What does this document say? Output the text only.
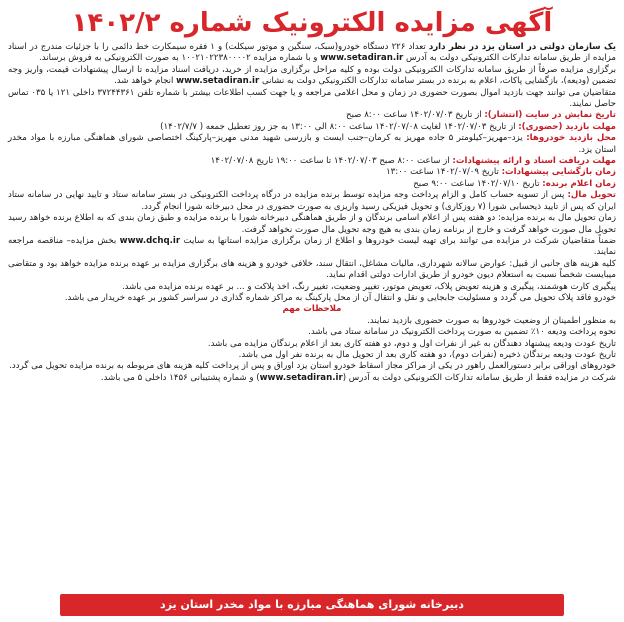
آگهی مزایده الکترونیک شماره ۱۴۰۲/۲

یک سازمان دولتی در استان یزد در نظر دارد تعداد ۲۲۶ دستگاه خودرو(سبک، سنگین و موتور سیکلت) و ۱ فقره سیمکارت خط دائمی را با جزئیات مندرج در اسناد مزایده از طریق سامانه تدارکات الکترونیکی دولت به آدرس www.setadiran.ir و با شماره مزایده ۱۰۰۲۱۰۲۲۳۸۰۰۰۰۲ به صورت الکترونیکی به فروش برساند.

برگزاری مزایده صرفاً از طریق سامانه تدارکات الکترونیکی دولت بوده و کلیه مراحل برگزاری مزایده از خرید، دریافت اسناد مزایده تا ارسال پیشنهادات قیمت، واریز وجه تضمین (ودیعه)، بازگشایی پاکات، اعلام به برنده در بستر سامانه تدارکات الکترونیکی دولت به نشانی www.setadiran.ir انجام خواهد شد.

متقاضیان می توانند جهت بازدید اموال بصورت حضوری در زمان و محل اعلامی مراجعه و یا جهت کسب اطلاعات بیشتر با شماره تلفن ۳۷۲۴۴۳۶۱ داخلی ۱۲۱ یا ۰۳۵ تماس حاصل نمایند.

تاریخ نمایش در سایت (انتشار): از تاریخ ۱۴۰۲/۰۷/۰۳ ساعت ۸:۰۰ صبح

مهلت بازدید (حضوری): از تاریخ ۱۴۰۲/۰۷/۰۳ لغایت ۱۴۰۲/۰۷/۰۸ ساعت ۸:۰۰ الی ۱۳:۰۰ به جز روز تعطیل جمعه ( ۱۴۰۲/۷/۷)

محل بازدید خودروها: یزد–مهریز–کیلومتر ۵ جاده مهریز به کرمان–جنب ایست و بازرسی شهید مدنی مهریز–پارکینگ اختصاصی شورای هماهنگی مبارزه با مواد مخدر استان یزد.

مهلت دریافت اسناد و ارائه پیشنهادات: از ساعت ۸:۰۰ صبح ۱۴۰۲/۰۷/۰۳ تا ساعت ۱۹:۰۰ تاریخ ۱۴۰۲/۰۷/۰۸

زمان بازگشایی پیشنهادات: تاریخ ۱۴۰۲/۰۷/۰۹ ساعت ۱۳:۰۰

زمان اعلام برنده: تاریخ ۱۴۰۲/۰۷/۱۰ ساعت ۹:۰۰ صبح

تحویل مال: پس از تسویه حساب کامل و الزام پرداخت وجه مزایده توسط برنده مزایده در درگاه پرداخت الکترونیکی در بستر سامانه ستاد و تایید نهایی در سامانه ستاد ایران که پس از تایید ذیحسابی شورا (۷ روزکاری) و تحویل فیزیکی رسید واریزی به صورت حضوری در محل دبیرخانه شورا انجام گردد.

زمان تحویل مال به برنده مزایده: دو هفته پس از اعلام اسامی برندگان و از طریق هماهنگی دبیرخانه شورا با برنده مزایده و طبق زمان بندی که به اطلاع برنده خواهد رسید تحویل مال صورت خواهد گرفت و خارج از برنامه زمان بندی به هیچ وجه تحویل مال صورت نخواهد گرفت.

ضمناً متقاضیان شرکت در مزایده می توانند برای تهیه لیست خودروها و اطلاع از زمان برگزاری مزایده استانها به سایت www.dchq.ir بخش مزایده– مناقصه مراجعه نمایند.

کلیه هزینه های جانبی از قبیل: عوارض سالانه شهرداری، مالیات مشاغل، انتقال سند، خلافی خودرو و هزینه های برگزاری مزایده بر عهده برنده مزایده خواهد بود و متقاضی میبایست شخصاً نسبت به استعلام دیون خودرو از طریق ادارات دولتی اقدام نماید.

پیگیری کارت هوشمند، پیگیری و هزینه تعویض پلاک، تعویض موتور، تغییر وضعیت، تغییر رنگ، اخذ پلاکت و ... بر عهده برنده مزایده می باشد.

خودرو فاقد پلاک تحویل می گردد و مسئولیت جابجایی و نقل و انتقال آن از محل پارکینگ به مراکز شماره گذاری در سراسر کشور بر عهده خریدار می باشد.

ملاحظات مهم

به منظور اطمینان از وضعیت خودروها به صورت حضوری بازدید نمایند.

نحوه پرداخت ودیعه ۱۰٪ تضمین به صورت پرداخت الکترونیک در سامانه ستاد می باشد.

تاریخ عودت ودیعه پیشنهاد دهندگان به غیر از نفرات اول و دوم، دو هفته کاری بعد از اعلام برندگان مزایده می باشد.

تاریخ عودت ودیعه برندگان ذخیره (نفرات دوم)، دو هفته کاری بعد از تحویل مال به برنده نفر اول می باشد.

خودروهای اوراقی برابر دستورالعمل راهور در یکی از مراکز مجاز اسقاط خودرو استان یزد اوراق و پس از پرداخت کلیه هزینه های مربوطه به برنده مزایده تحویل می گردد.

شرکت در مزایده فقط از طریق سامانه تدارکات الکترونیکی دولت به آدرس (www.setadiran.ir) و شماره پشتیبانی ۱۴۵۶ داخلی ۵ می باشد.

دبیرخانه شورای هماهنگی مبارزه با مواد مخدر استان یزد
